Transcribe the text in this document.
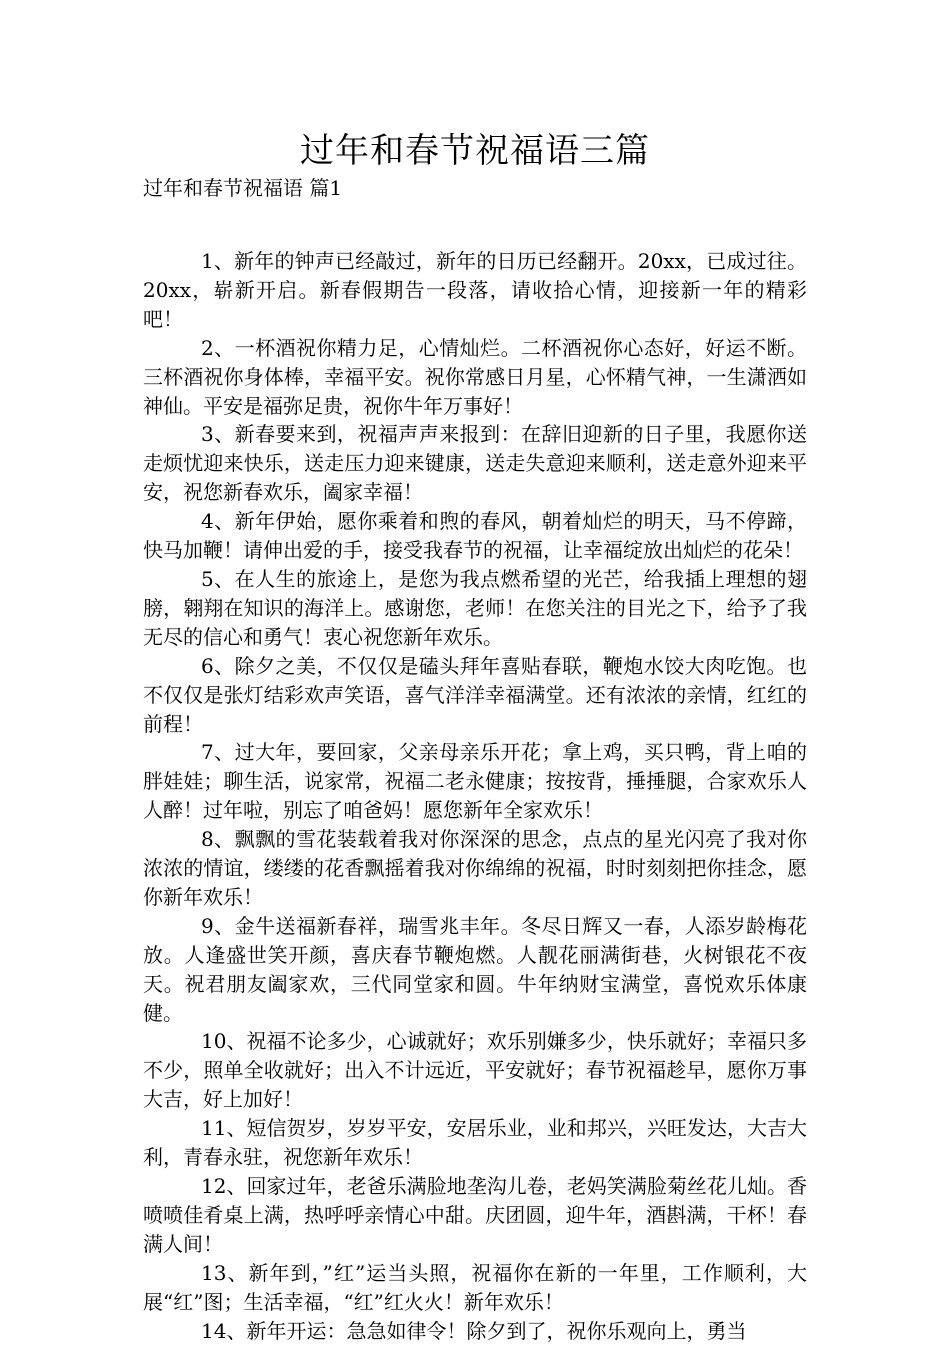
过年和春节祝福语三篇
过年和春节祝福语 篇1

1、新年的钟声已经敲过，新年的日历已经翻开。20xx，已成过往。20xx，崭新开启。新春假期告一段落，请收拾心情，迎接新一年的精彩吧！

2、一杯酒祝你精力足，心情灿烂。二杯酒祝你心态好，好运不断。三杯酒祝你身体棒，幸福平安。祝你常感日月星，心怀精气神，一生潇洒如神仙。平安是福弥足贵，祝你牛年万事好！

3、新春要来到，祝福声声来报到：在辞旧迎新的日子里，我愿你送走烦忧迎来快乐，送走压力迎来键康，送走失意迎来顺利，送走意外迎来平安，祝您新春欢乐，阖家幸福！

4、新年伊始，愿你乘着和煦的春风，朝着灿烂的明天，马不停蹄，快马加鞭！请伸出爱的手，接受我春节的祝福，让幸福绽放出灿烂的花朵！

5、在人生的旅途上，是您为我点燃希望的光芒，给我插上理想的翅膀，翱翔在知识的海洋上。感谢您，老师！在您关注的目光之下，给予了我无尽的信心和勇气！衷心祝您新年欢乐。

6、除夕之美，不仅仅是磕头拜年喜贴春联，鞭炮水饺大肉吃饱。也不仅仅是张灯结彩欢声笑语，喜气洋洋幸福满堂。还有浓浓的亲情，红红的前程！

7、过大年，要回家，父亲母亲乐开花；拿上鸡，买只鸭，背上咱的胖娃娃；聊生活，说家常，祝福二老永健康；按按背，捶捶腿，合家欢乐人人醉！过年啦，别忘了咱爸妈！愿您新年全家欢乐！

8、飘飘的雪花装载着我对你深深的思念，点点的星光闪亮了我对你浓浓的情谊，缕缕的花香飘摇着我对你绵绵的祝福，时时刻刻把你挂念，愿你新年欢乐！

9、金牛送福新春祥，瑞雪兆丰年。冬尽日辉又一春，人添岁龄梅花放。人逢盛世笑开颜，喜庆春节鞭炮燃。人靓花丽满街巷，火树银花不夜天。祝君朋友阖家欢，三代同堂家和圆。牛年纳财宝满堂，喜悦欢乐体康健。

10、祝福不论多少，心诚就好；欢乐别嫌多少，快乐就好；幸福只多不少，照单全收就好；出入不计远近，平安就好；春节祝福趁早，愿你万事大吉，好上加好！

11、短信贺岁，岁岁平安，安居乐业，业和邦兴，兴旺发达，大吉大利，青春永驻，祝您新年欢乐！

12、回家过年，老爸乐满脸地垄沟儿卷，老妈笑满脸菊丝花儿灿。香喷喷佳肴桌上满，热呼呼亲情心中甜。庆团圆，迎牛年，酒斟满，干杯！春满人间！

13、新年到，”红”运当头照，祝福你在新的一年里，工作顺利，大展“红”图；生活幸福，“红”红火火！新年欢乐！

14、新年开运：急急如律令！除夕到了，祝你乐观向上，勇当
